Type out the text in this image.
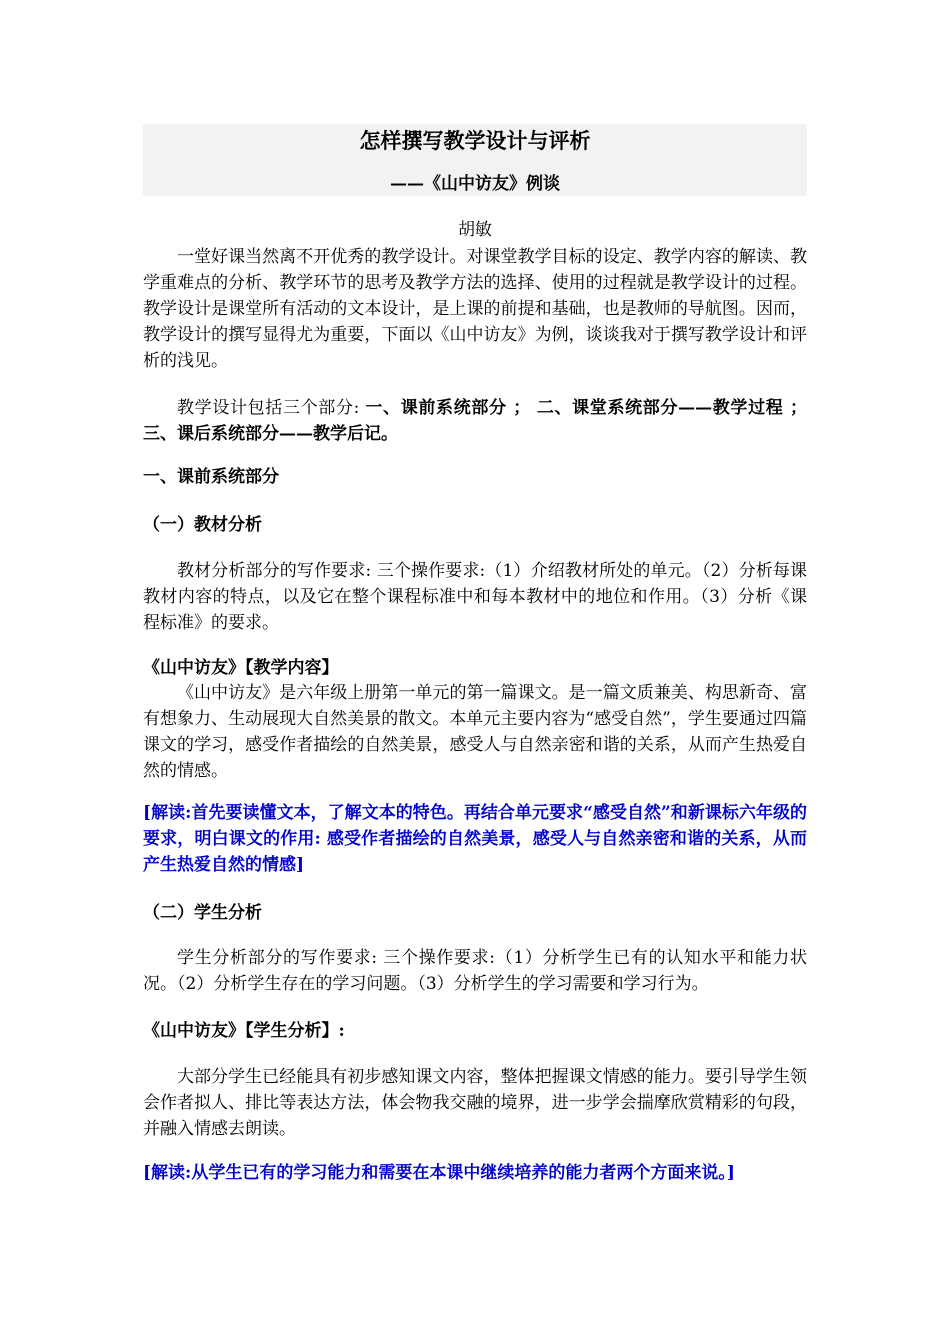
怎样撰写教学设计与评析
——《山中访友》例谈
胡敏
一堂好课当然离不开优秀的教学设计。对课堂教学目标的设定、教学内容的解读、教学重难点的分析、教学环节的思考及教学方法的选择、使用的过程就是教学设计的过程。教学设计是课堂所有活动的文本设计，是上课的前提和基础，也是教师的导航图。因而，教学设计的撰写显得尤为重要，下面以《山中访友》为例，谈谈我对于撰写教学设计和评析的浅见。
教学设计包括三个部分: 一、课前系统部分 ； 二、课堂系统部分——教学过程 ； 三、课后系统部分——教学后记。
一、课前系统部分
（一）教材分析
教材分析部分的写作要求: 三个操作要求:（1）介绍教材所处的单元。（2）分析每课教材内容的特点，以及它在整个课程标准中和每本教材中的地位和作用。（3）分析《课程标准》的要求。
《山中访友》【教学内容】
《山中访友》是六年级上册第一单元的第一篇课文。是一篇文质兼美、构思新奇、富有想象力、生动展现大自然美景的散文。本单元主要内容为“感受自然”，学生要通过四篇课文的学习，感受作者描绘的自然美景，感受人与自然亲密和谐的关系，从而产生热爱自然的情感。
[解读:首先要读懂文本，了解文本的特色。再结合单元要求“感受自然”和新课标六年级的要求，明白课文的作用: 感受作者描绘的自然美景，感受人与自然亲密和谐的关系，从而产生热爱自然的情感]
（二）学生分析
学生分析部分的写作要求: 三个操作要求:（1）分析学生已有的认知水平和能力状况。（2）分析学生存在的学习问题。（3）分析学生的学习需要和学习行为。
《山中访友》【学生分析】:
大部分学生已经能具有初步感知课文内容，整体把握课文情感的能力。要引导学生领会作者拟人、排比等表达方法，体会物我交融的境界，进一步学会揣摩欣赏精彩的句段，并融入情感去朗读。
[解读:从学生已有的学习能力和需要在本课中继续培养的能力者两个方面来说。]
